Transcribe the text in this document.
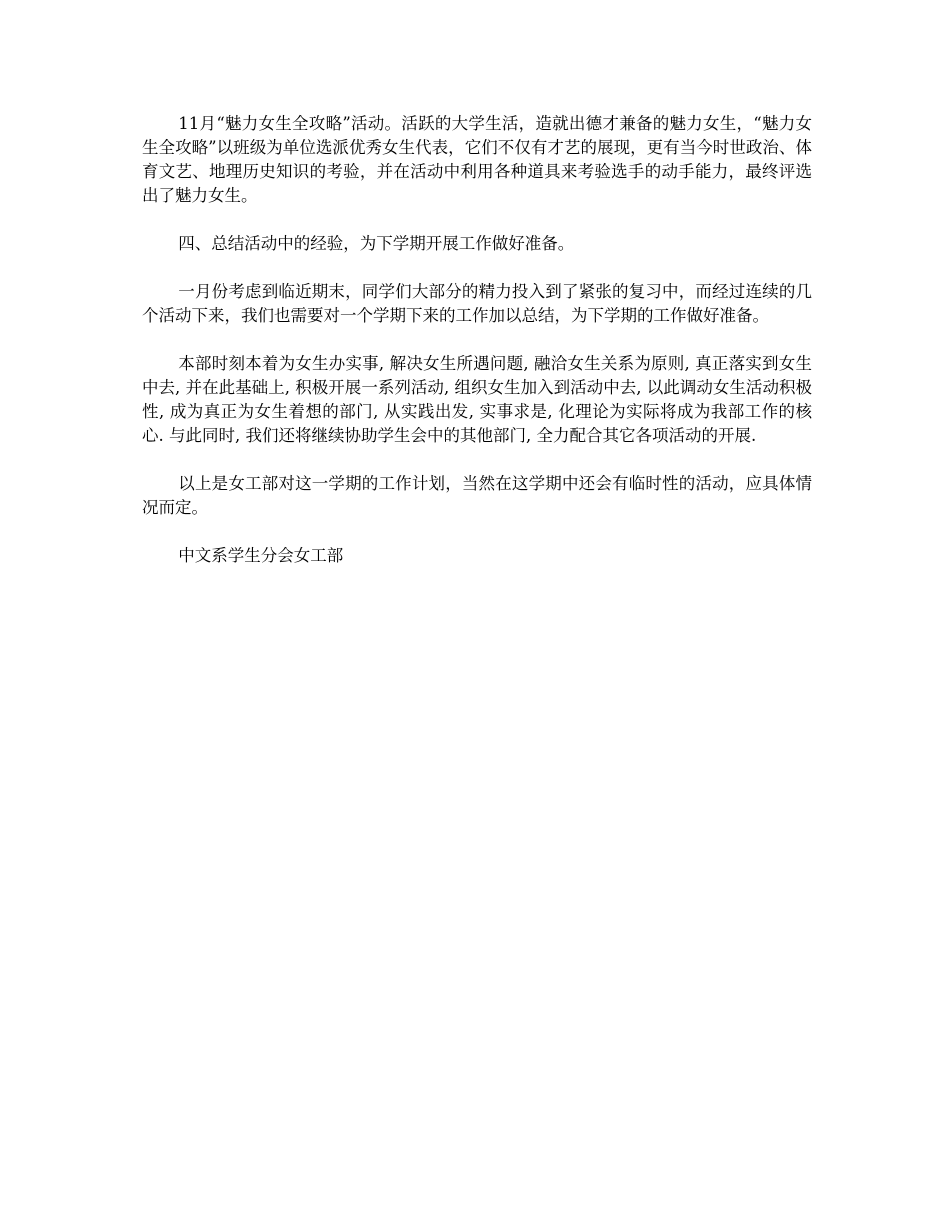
11月“魅力女生全攻略”活动。活跃的大学生活，造就出德才兼备的魅力女生，“魅力女生全攻略”以班级为单位选派优秀女生代表，它们不仅有才艺的展现，更有当今时世政治、体育文艺、地理历史知识的考验，并在活动中利用各种道具来考验选手的动手能力，最终评选出了魅力女生。

四、总结活动中的经验，为下学期开展工作做好准备。

一月份考虑到临近期末，同学们大部分的精力投入到了紧张的复习中，而经过连续的几个活动下来，我们也需要对一个学期下来的工作加以总结，为下学期的工作做好准备。

本部时刻本着为女生办实事, 解决女生所遇问题, 融洽女生关系为原则, 真正落实到女生中去, 并在此基础上, 积极开展一系列活动, 组织女生加入到活动中去, 以此调动女生活动积极性, 成为真正为女生着想的部门, 从实践出发, 实事求是, 化理论为实际将成为我部工作的核心. 与此同时, 我们还将继续协助学生会中的其他部门, 全力配合其它各项活动的开展.

以上是女工部对这一学期的工作计划，当然在这学期中还会有临时性的活动，应具体情况而定。

中文系学生分会女工部
